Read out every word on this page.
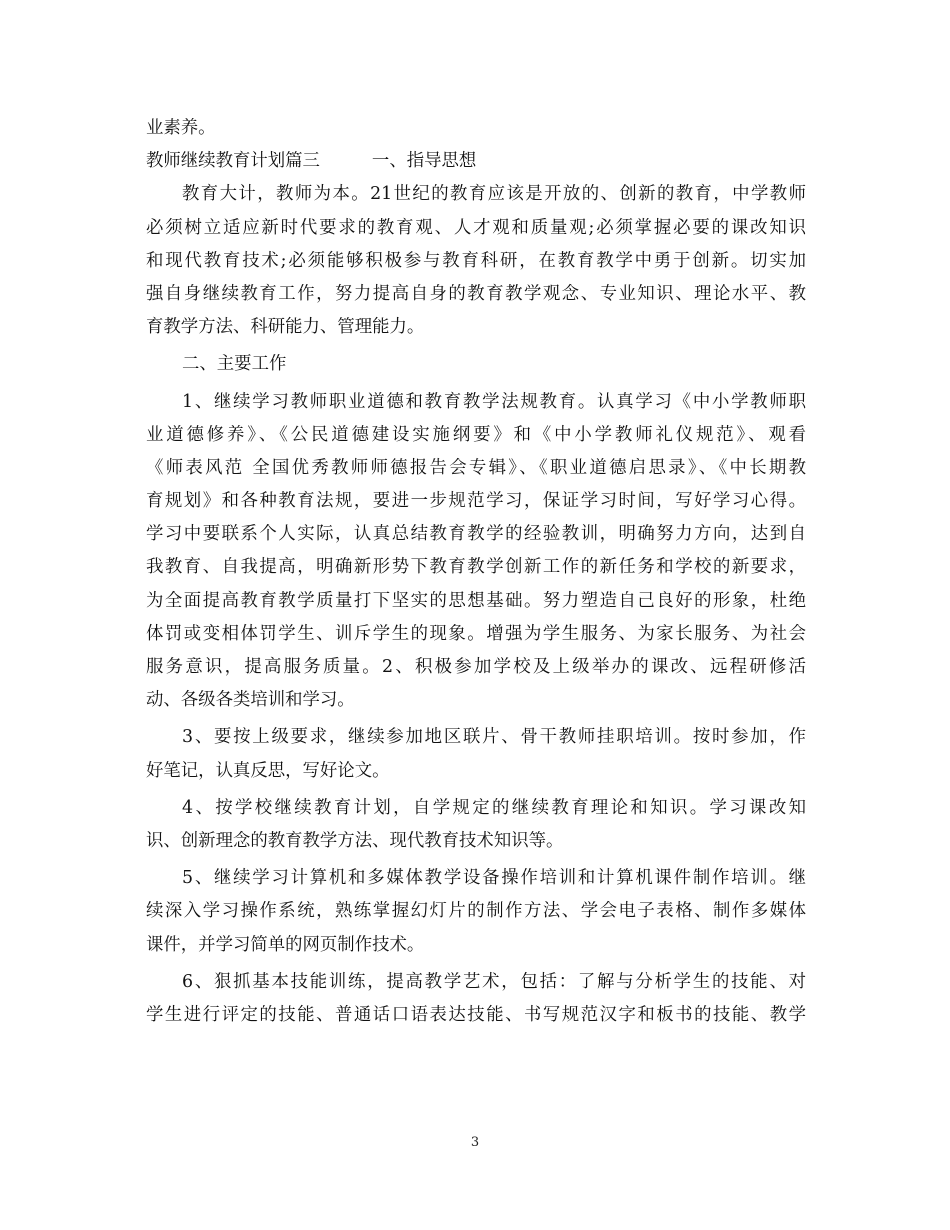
业素养。
教师继续教育计划篇三	一、指导思想
教育大计，教师为本。21世纪的教育应该是开放的、创新的教育，中学教师
必须树立适应新时代要求的教育观、人才观和质量观;必须掌握必要的课改知识
和现代教育技术;必须能够积极参与教育科研，在教育教学中勇于创新。切实加
强自身继续教育工作，努力提高自身的教育教学观念、专业知识、理论水平、教
育教学方法、科研能力、管理能力。
二、主要工作
1、继续学习教师职业道德和教育教学法规教育。认真学习《中小学教师职
业道德修养》、《公民道德建设实施纲要》和《中小学教师礼仪规范》、观看
《师表风范 全国优秀教师师德报告会专辑》、《职业道德启思录》、《中长期教
育规划》和各种教育法规，要进一步规范学习，保证学习时间，写好学习心得。
学习中要联系个人实际，认真总结教育教学的经验教训，明确努力方向，达到自
我教育、自我提高，明确新形势下教育教学创新工作的新任务和学校的新要求，
为全面提高教育教学质量打下坚实的思想基础。努力塑造自己良好的形象，杜绝
体罚或变相体罚学生、训斥学生的现象。增强为学生服务、为家长服务、为社会
服务意识，提高服务质量。2、积极参加学校及上级举办的课改、远程研修活
动、各级各类培训和学习。
3、要按上级要求，继续参加地区联片、骨干教师挂职培训。按时参加，作
好笔记，认真反思，写好论文。
4、按学校继续教育计划，自学规定的继续教育理论和知识。学习课改知
识、创新理念的教育教学方法、现代教育技术知识等。
5、继续学习计算机和多媒体教学设备操作培训和计算机课件制作培训。继
续深入学习操作系统，熟练掌握幻灯片的制作方法、学会电子表格、制作多媒体
课件，并学习简单的网页制作技术。
6、狠抓基本技能训练，提高教学艺术，包括：了解与分析学生的技能、对
学生进行评定的技能、普通话口语表达技能、书写规范汉字和板书的技能、教学
3
